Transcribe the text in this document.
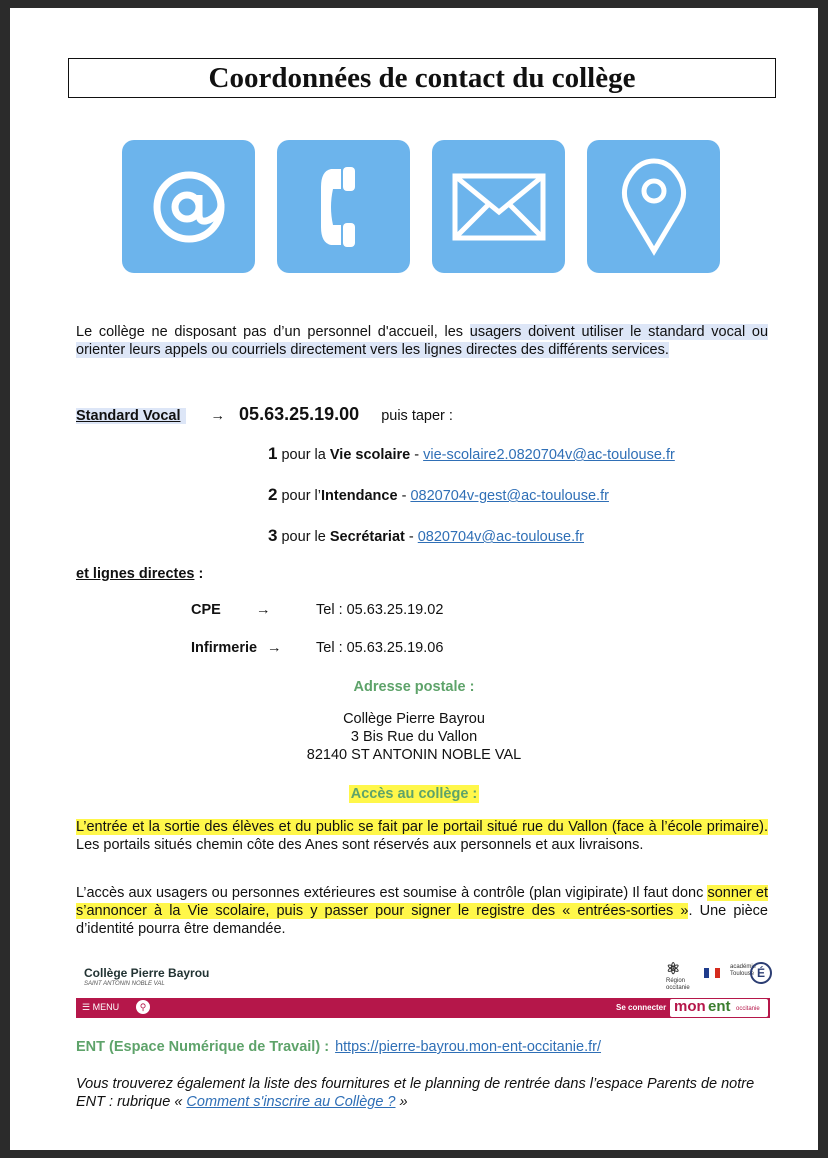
Coordonnées de contact du collège
Le collège ne disposant pas d’un personnel d'accueil, les usagers doivent utiliser le standard vocal ou orienter leurs appels ou courriels directement vers les lignes directes des différents services.
Standard Vocal → 05.63.25.19.00 puis taper :
1 pour la Vie scolaire - vie-scolaire2.0820704v@ac-toulouse.fr
2 pour l’Intendance - 0820704v-gest@ac-toulouse.fr
3 pour le Secrétariat - 0820704v@ac-toulouse.fr
et lignes directes :
CPE →	Tel : 05.63.25.19.02
Infirmerie → Tel : 05.63.25.19.06
Adresse postale :
Collège Pierre Bayrou
3 Bis Rue du Vallon
82140 ST ANTONIN NOBLE VAL
Accès au collège :
L’entrée et la sortie des élèves et du public se fait par le portail situé rue du Vallon (face à l’école primaire). Les portails situés chemin côte des Anes sont réservés aux personnels et aux livraisons.
L’accès aux usagers ou personnes extérieures est soumise à contrôle (plan vigipirate) Il faut donc sonner et s’annoncer à la Vie scolaire, puis y passer pour signer le registre des « entrées-sorties ». Une pièce d’identité pourra être demandée.
Collège Pierre Bayrou
SAINT ANTONIN NOBLE VAL
⚛
Région occitanie
académie Toulouse É
☰ MENU	⚲	Se connecter mon ent occitanie
ENT (Espace Numérique de Travail) : https://pierre-bayrou.mon-ent-occitanie.fr/
Vous trouverez également la liste des fournitures et le planning de rentrée dans l’espace Parents de notre ENT : rubrique « Comment s'inscrire au Collège ? »
